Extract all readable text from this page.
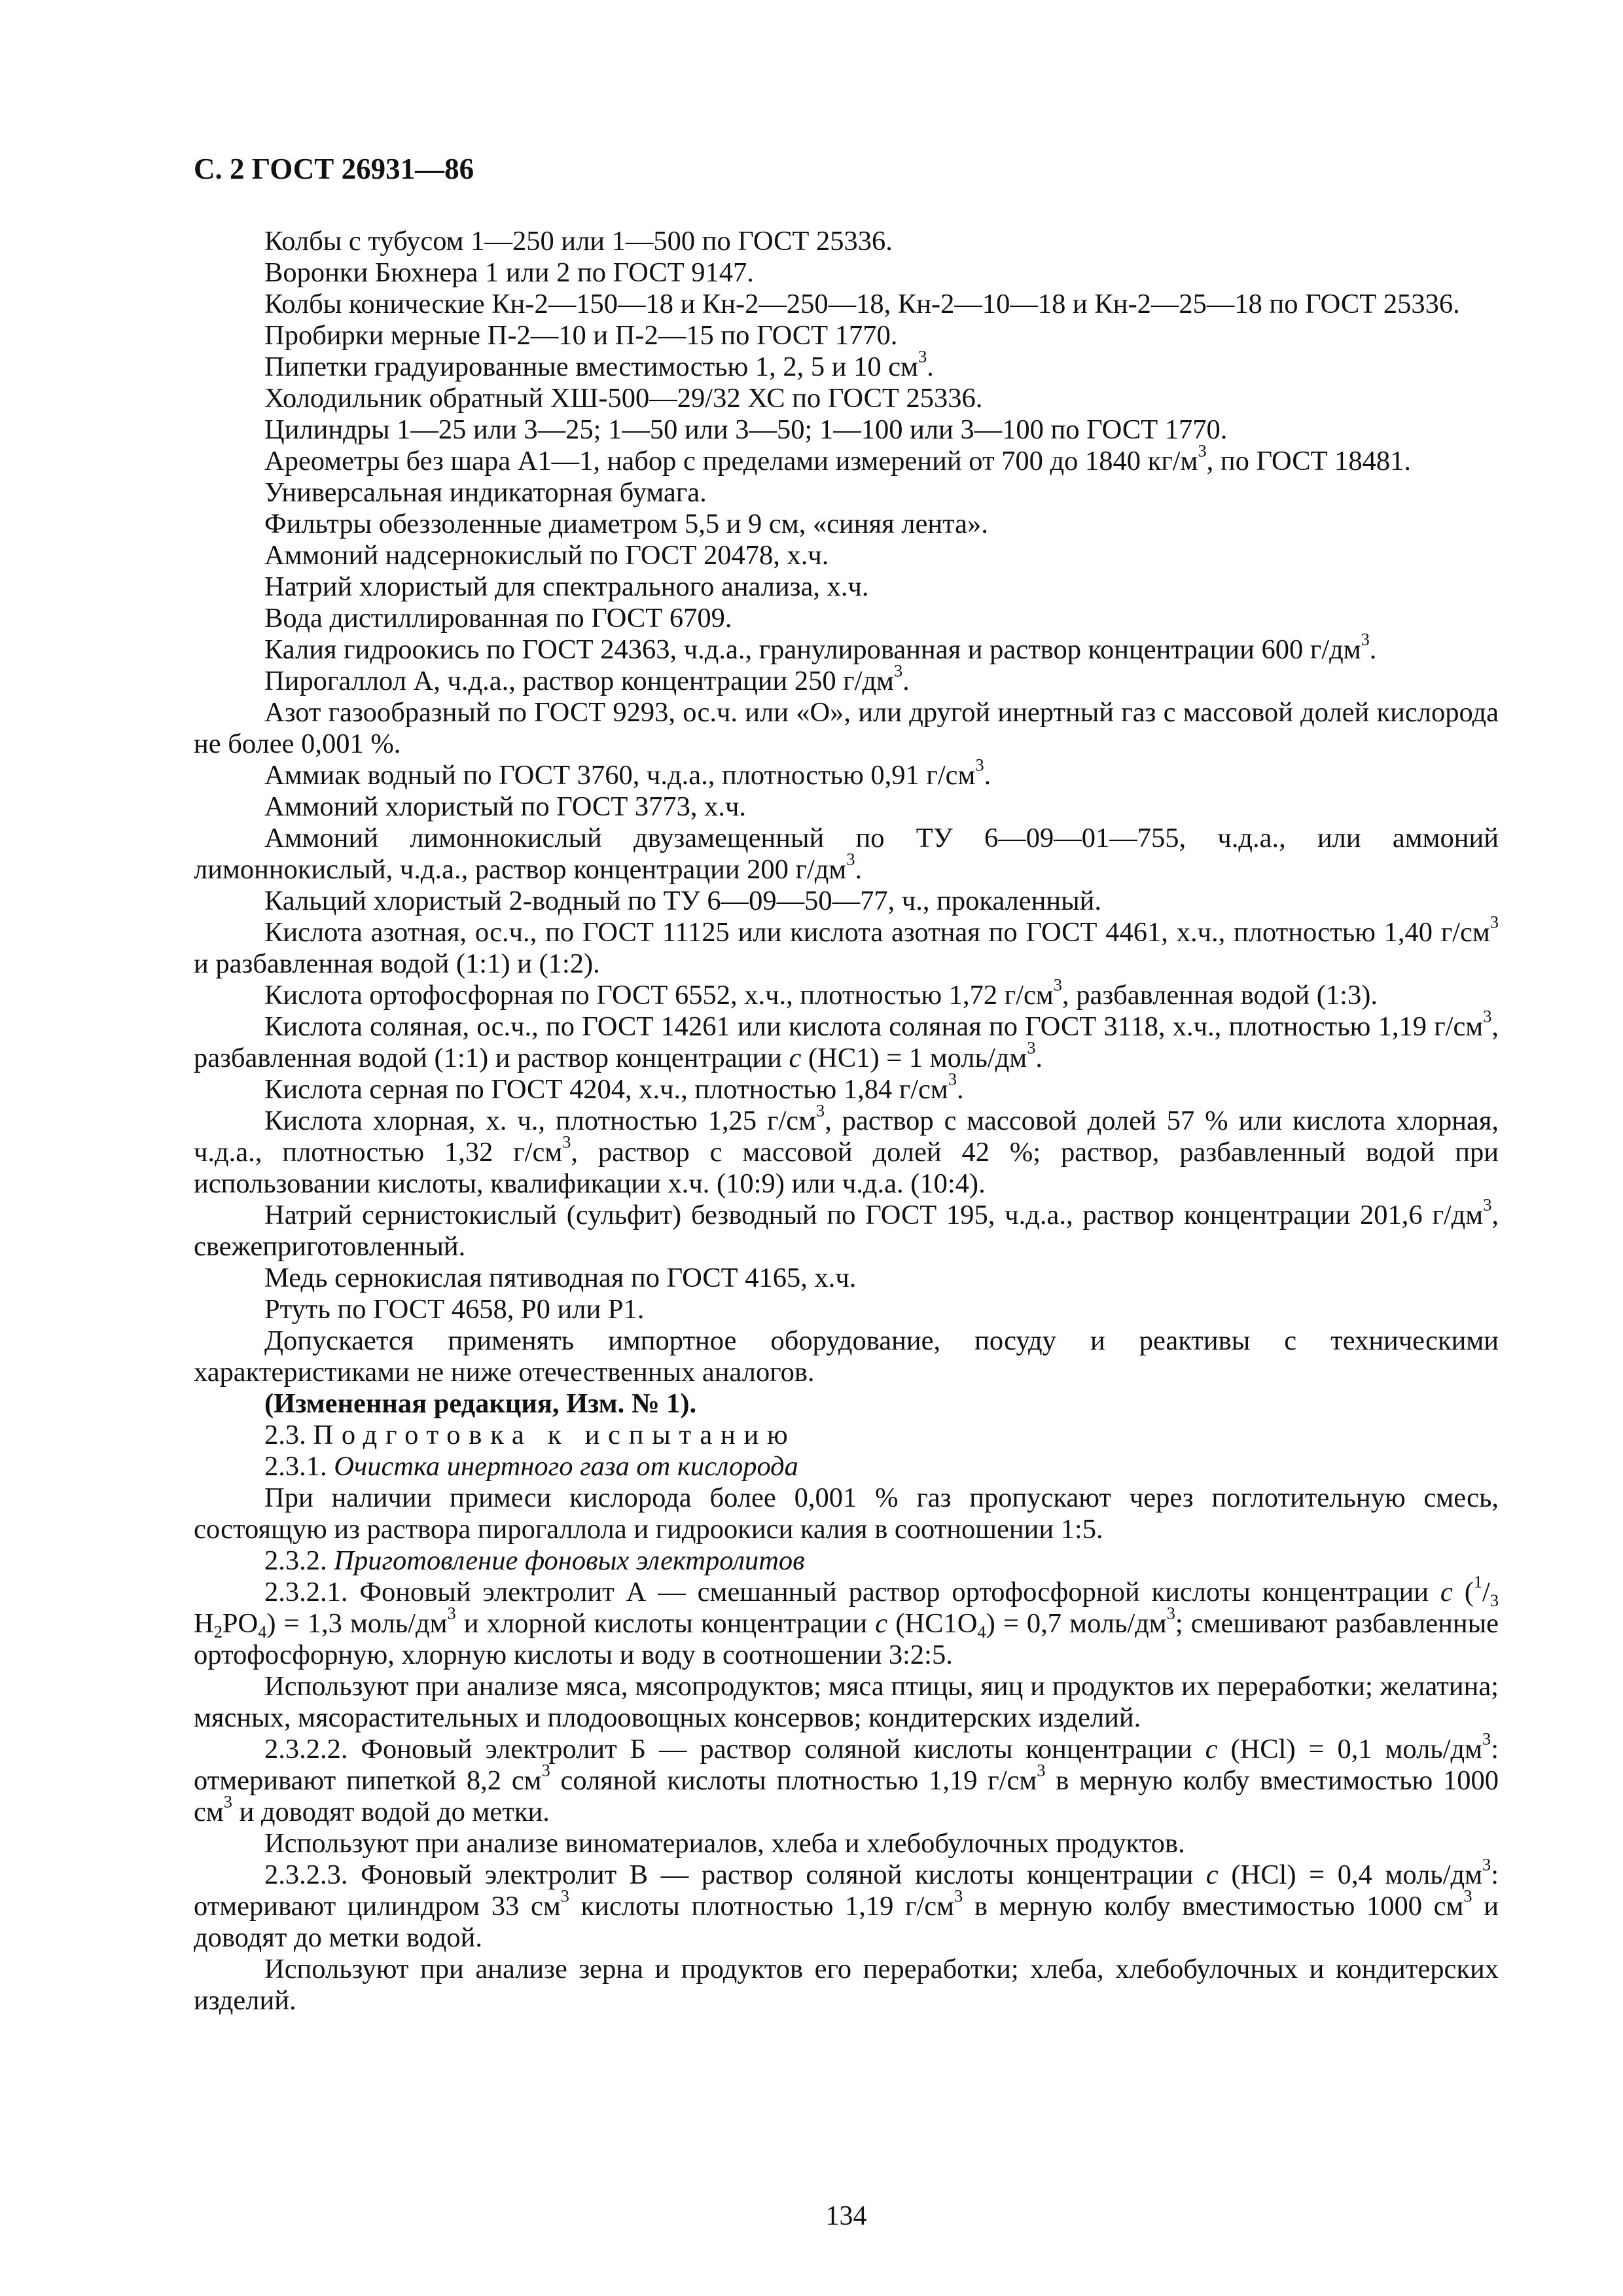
С. 2 ГОСТ 26931—86

Колбы с тубусом 1—250 или 1—500 по ГОСТ 25336.

Воронки Бюхнера 1 или 2 по ГОСТ 9147.

Колбы конические Кн-2—150—18 и Кн-2—250—18, Кн-2—10—18 и Кн-2—25—18 по ГОСТ 25336.

Пробирки мерные П-2—10 и П-2—15 по ГОСТ 1770.

Пипетки градуированные вместимостью 1, 2, 5 и 10 $см^3$.

Холодильник обратный ХШ-500—29/32 ХС по ГОСТ 25336.

Цилиндры 1—25 или 3—25; 1—50 или 3—50; 1—100 или 3—100 по ГОСТ 1770.

Ареометры без шара А1—1, набор с пределами измерений от 700 до 1840 $кг/м^3$, по ГОСТ 18481.

Универсальная индикаторная бумага.

Фильтры обеззоленные диаметром 5,5 и 9 см, «синяя лента».

Аммоний надсернокислый по ГОСТ 20478, х.ч.

Натрий хлористый для спектрального анализа, х.ч.

Вода дистиллированная по ГОСТ 6709.

Калия гидроокись по ГОСТ 24363, ч.д.а., гранулированная и раствор концентрации 600 $г/дм^3$.

Пирогаллол А, ч.д.а., раствор концентрации 250 $г/дм^3$.

Азот газообразный по ГОСТ 9293, ос.ч. или «О», или другой инертный газ с массовой долей кислорода не более 0,001 %.

Аммиак водный по ГОСТ 3760, ч.д.а., плотностью 0,91 $г/см^3$.

Аммоний хлористый по ГОСТ 3773, х.ч.

Аммоний лимоннокислый двузамещенный по ТУ 6—09—01—755, ч.д.а., или аммоний лимоннокислый, ч.д.а., раствор концентрации 200 $г/дм^3$.

Кальций хлористый 2-водный по ТУ 6—09—50—77, ч., прокаленный.

Кислота азотная, ос.ч., по ГОСТ 11125 или кислота азотная по ГОСТ 4461, х.ч., плотностью 1,40 $г/см^3$ и разбавленная водой (1:1) и (1:2).

Кислота ортофосфорная по ГОСТ 6552, х.ч., плотностью 1,72 $г/см^3$, разбавленная водой (1:3).

Кислота соляная, ос.ч., по ГОСТ 14261 или кислота соляная по ГОСТ 3118, х.ч., плотностью 1,19 $г/см^3$, разбавленная водой (1:1) и раствор концентрации c (НС1) = 1 моль/$дм^3$.

Кислота серная по ГОСТ 4204, х.ч., плотностью 1,84 $г/см^3$.

Кислота хлорная, х. ч., плотностью 1,25 $г/см^3$, раствор с массовой долей 57 % или кислота хлорная, ч.д.а., плотностью 1,32 $г/см^3$, раствор с массовой долей 42 %; раствор, разбавленный водой при использовании кислоты, квалификации х.ч. (10:9) или ч.д.а. (10:4).

Натрий сернистокислый (сульфит) безводный по ГОСТ 195, ч.д.а., раствор концентрации 201,6 $г/дм^3$, свежеприготовленный.

Медь сернокислая пятиводная по ГОСТ 4165, х.ч.

Ртуть по ГОСТ 4658, Р0 или Р1.

Допускается применять импортное оборудование, посуду и реактивы с техническими характеристиками не ниже отечественных аналогов.

(Измененная редакция, Изм. № 1).

2.3. Подготовка к испытанию

2.3.1. Очистка инертного газа от кислорода

При наличии примеси кислорода более 0,001 % газ пропускают через поглотительную смесь, состоящую из раствора пирогаллола и гидроокиси калия в соотношении 1:5.

2.3.2. Приготовление фоновых электролитов

2.3.2.1. Фоновый электролит А — смешанный раствор ортофосфорной кислоты концентрации c ($^1/_3$ $H_2PO_4) = 1,3$ моль/$дм^3$ и хлорной кислоты концентрации c $(НС1O_4) = 0,7$ моль/$дм^3$; смешивают разбавленные ортофосфорную, хлорную кислоты и воду в соотношении 3:2:5.

Используют при анализе мяса, мясопродуктов; мяса птицы, яиц и продуктов их переработки; желатина; мясных, мясорастительных и плодоовощных консервов; кондитерских изделий.

2.3.2.2. Фоновый электролит Б — раствор соляной кислоты концентрации c (HCl) = 0,1 моль/$дм^3$: отмеривают пипеткой 8,2 $см^3$ соляной кислоты плотностью 1,19 $г/см^3$ в мерную колбу вместимостью 1000 $см^3$ и доводят водой до метки.

Используют при анализе виноматериалов, хлеба и хлебобулочных продуктов.

2.3.2.3. Фоновый электролит В — раствор соляной кислоты концентрации c (HCl) = 0,4 моль/$дм^3$: отмеривают цилиндром 33 $см^3$ кислоты плотностью 1,19 $г/см^3$ в мерную колбу вместимостью 1000 $см^3$ и доводят до метки водой.

Используют при анализе зерна и продуктов его переработки; хлеба, хлебобулочных и кондитерских изделий.

134
